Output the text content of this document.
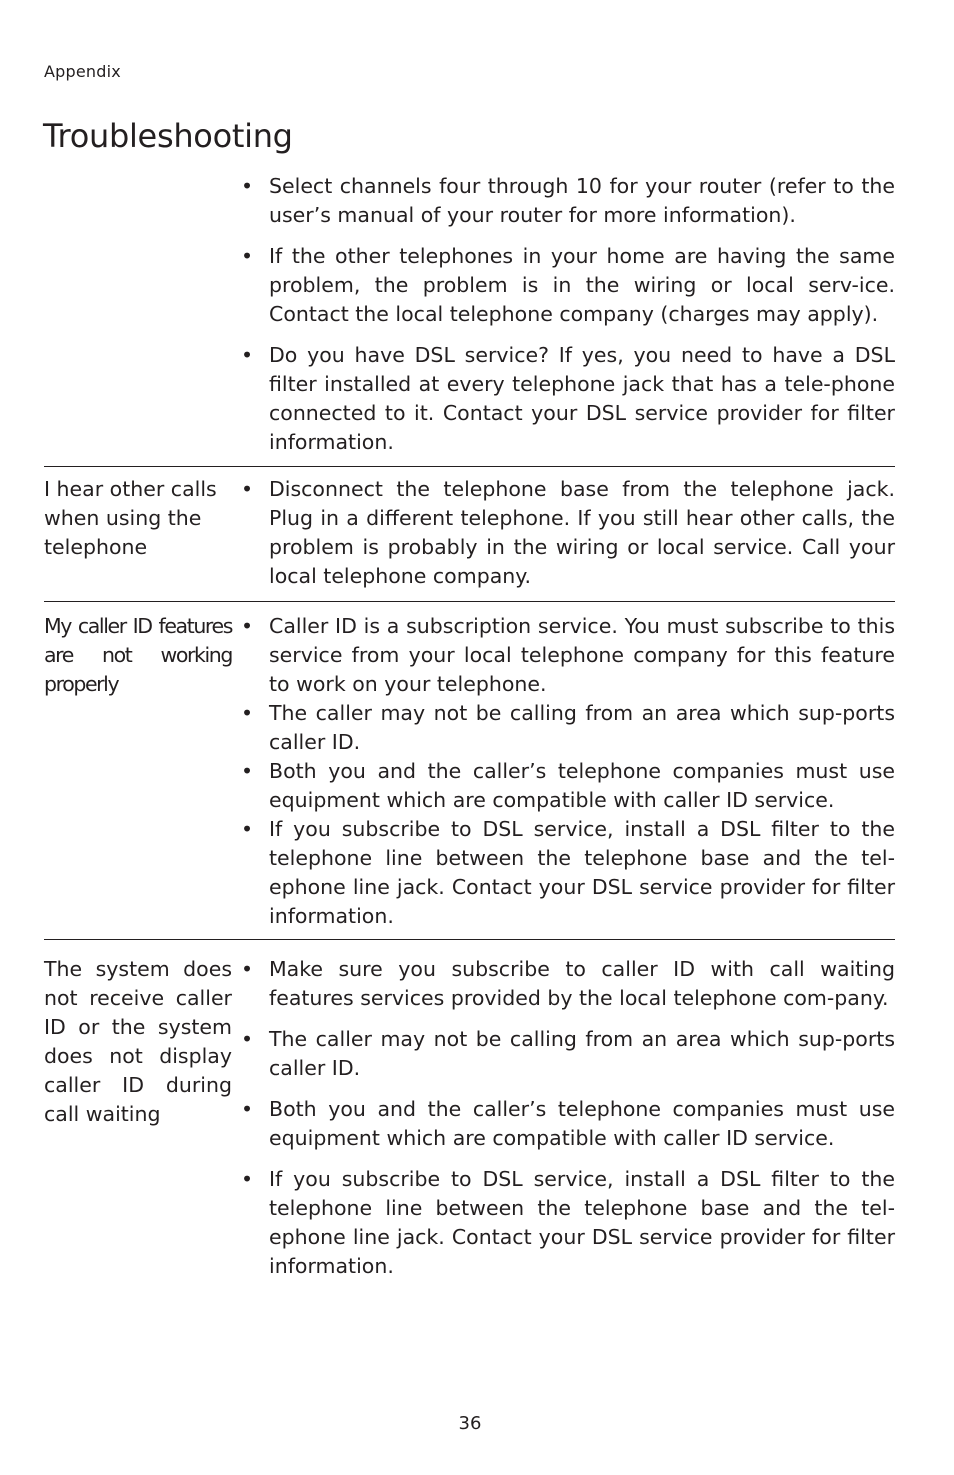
Appendix
Troubleshooting
• Select channels four through 10 for your router (refer to the user’s manual of your router for more information).
• If the other telephones in your home are having the same problem, the problem is in the wiring or local serv-ice. Contact the local telephone company (charges may apply).
• Do you have DSL service? If yes, you need to have a DSL filter installed at every telephone jack that has a tele-phone connected to it. Contact your DSL service provider for filter information.
I hear other calls when using the telephone
• Disconnect the telephone base from the telephone jack. Plug in a different telephone. If you still hear other calls, the problem is probably in the wiring or local service. Call your local telephone company.
My caller ID features are not working properly
• Caller ID is a subscription service. You must subscribe to this service from your local telephone company for this feature to work on your telephone.
• The caller may not be calling from an area which sup-ports caller ID.
• Both you and the caller’s telephone companies must use equipment which are compatible with caller ID service.
• If you subscribe to DSL service, install a DSL filter to the telephone line between the telephone base and the tel-ephone line jack. Contact your DSL service provider for filter information.
The system does not receive caller ID or the system does not display caller ID during call waiting
• Make sure you subscribe to caller ID with call waiting features services provided by the local telephone com-pany.
• The caller may not be calling from an area which sup-ports caller ID.
• Both you and the caller’s telephone companies must use equipment which are compatible with caller ID service.
• If you subscribe to DSL service, install a DSL filter to the telephone line between the telephone base and the tel-ephone line jack. Contact your DSL service provider for filter information.
36
